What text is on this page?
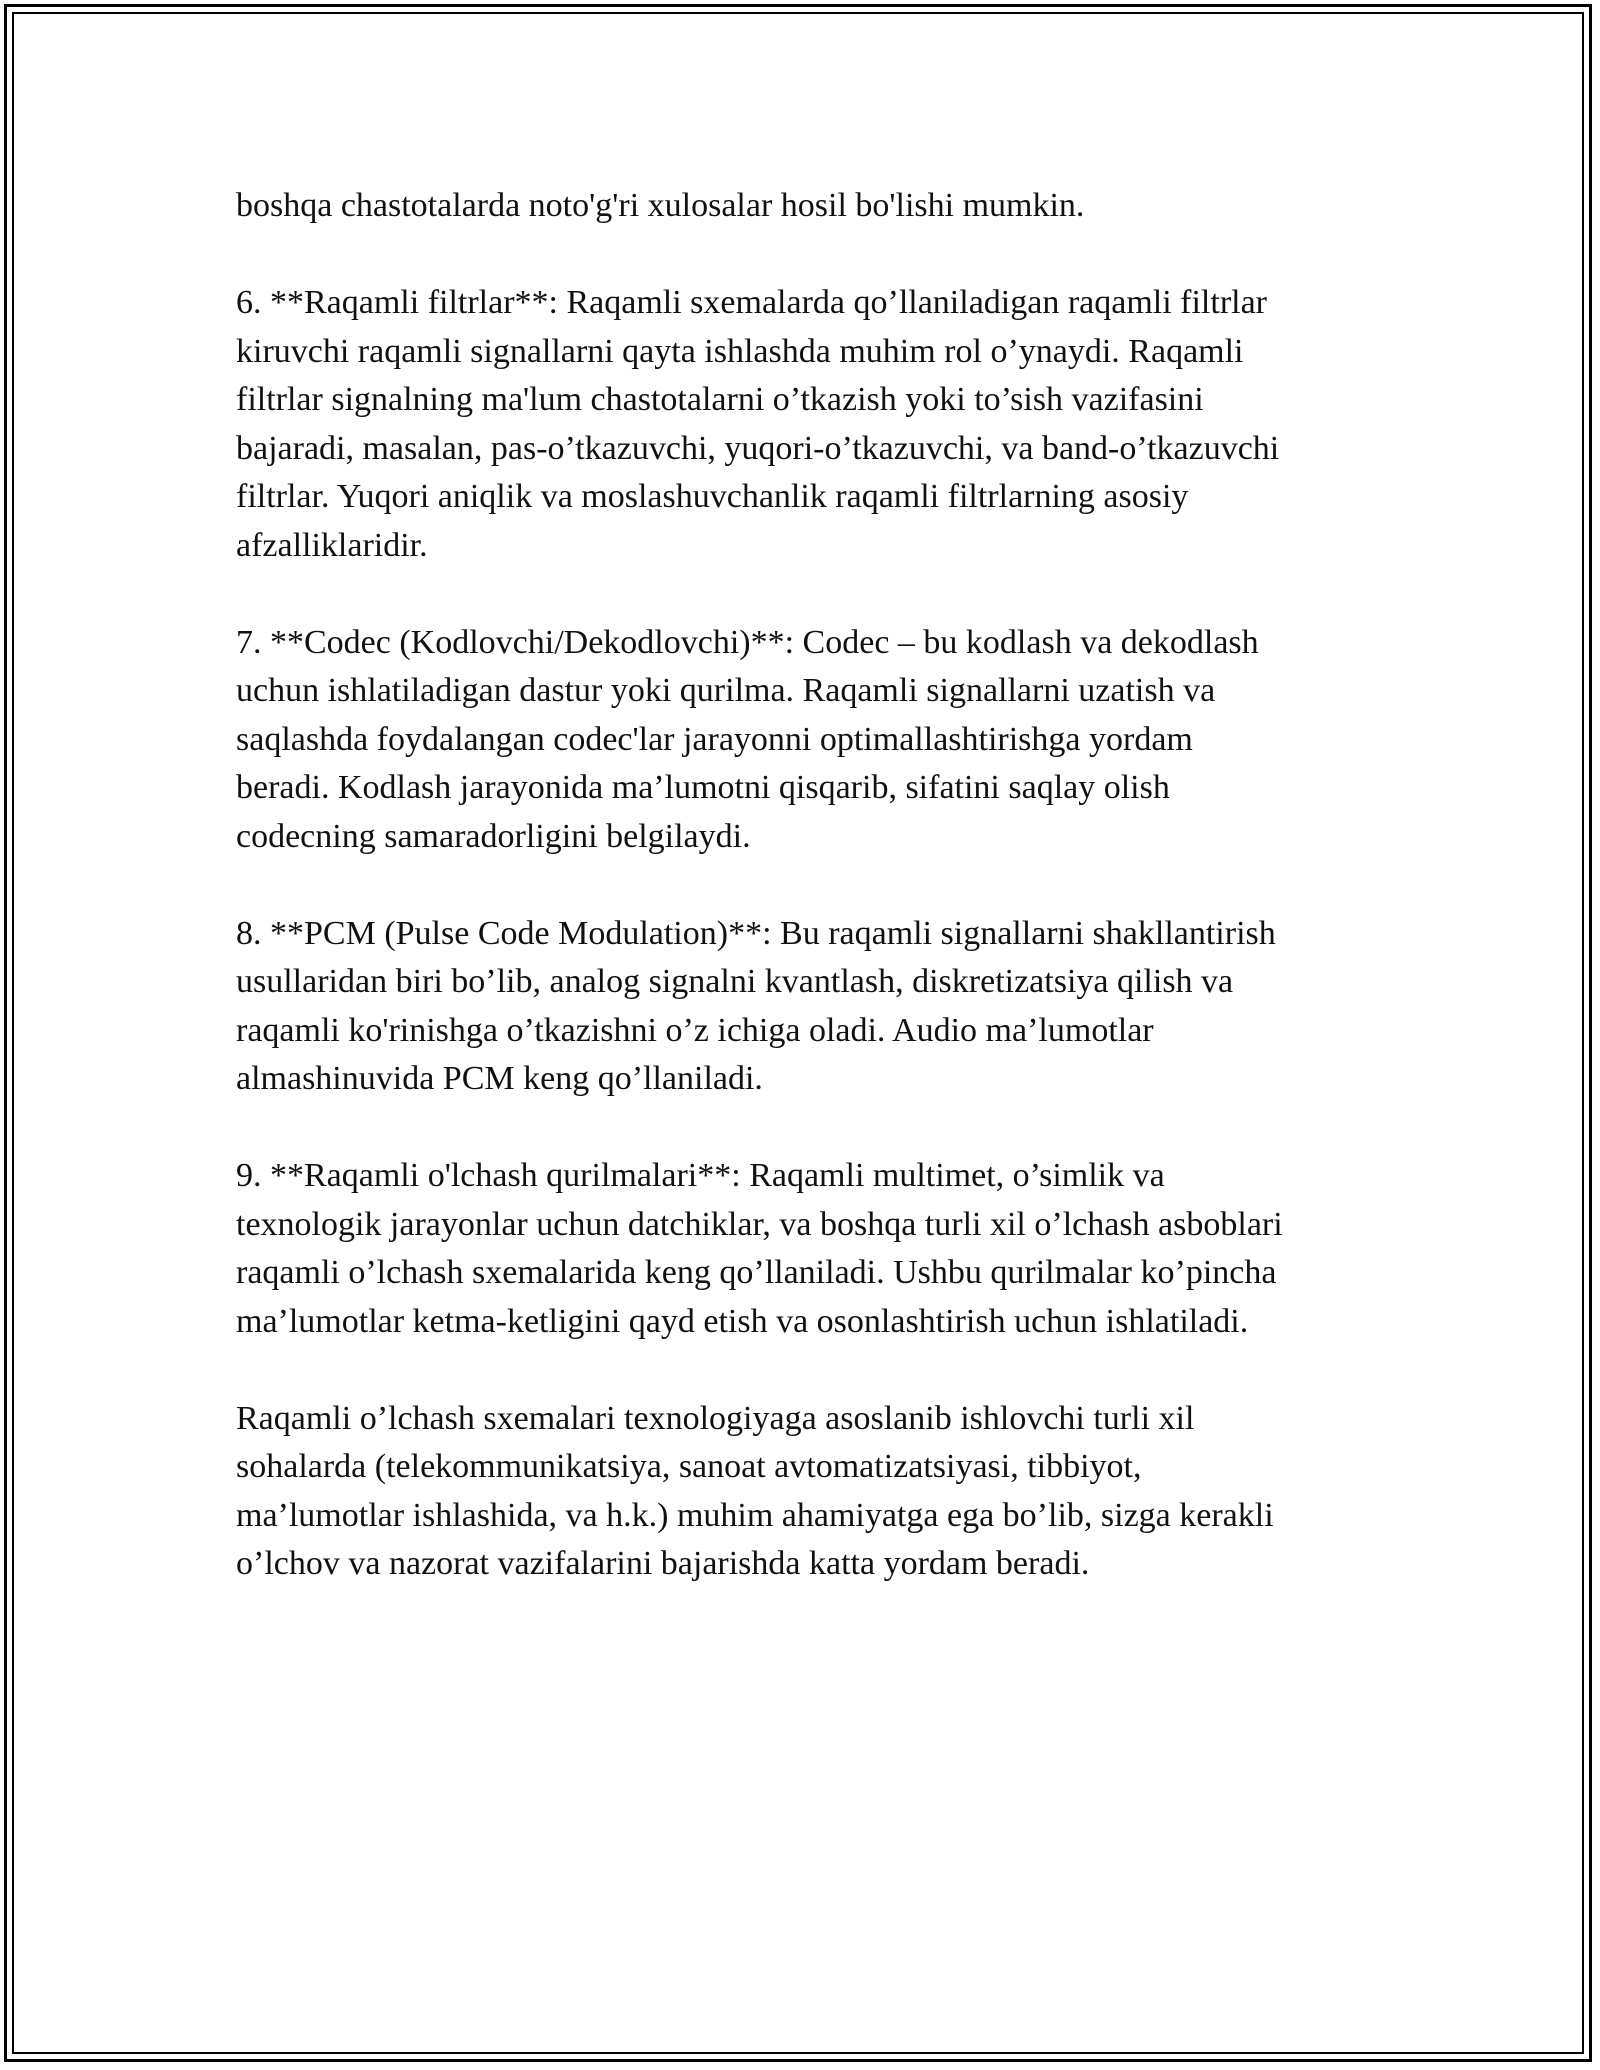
boshqa chastotalarda noto'g'ri xulosalar hosil bo'lishi mumkin.

6. **Raqamli filtrlar**: Raqamli sxemalarda qo’llaniladigan raqamli filtrlar
kiruvchi raqamli signallarni qayta ishlashda muhim rol o’ynaydi. Raqamli
filtrlar signalning ma'lum chastotalarni o’tkazish yoki to’sish vazifasini
bajaradi, masalan, pas-o’tkazuvchi, yuqori-o’tkazuvchi, va band-o’tkazuvchi
filtrlar. Yuqori aniqlik va moslashuvchanlik raqamli filtrlarning asosiy
afzalliklaridir.

7. **Codec (Kodlovchi/Dekodlovchi)**: Codec – bu kodlash va dekodlash
uchun ishlatiladigan dastur yoki qurilma. Raqamli signallarni uzatish va
saqlashda foydalangan codec'lar jarayonni optimallashtirishga yordam
beradi. Kodlash jarayonida ma’lumotni qisqarib, sifatini saqlay olish
codecning samaradorligini belgilaydi.

8. **PCM (Pulse Code Modulation)**: Bu raqamli signallarni shakllantirish
usullaridan biri bo’lib, analog signalni kvantlash, diskretizatsiya qilish va
raqamli ko'rinishga o’tkazishni o’z ichiga oladi. Audio ma’lumotlar
almashinuvida PCM keng qo’llaniladi.

9. **Raqamli o'lchash qurilmalari**: Raqamli multimet, o’simlik va
texnologik jarayonlar uchun datchiklar, va boshqa turli xil o’lchash asboblari
raqamli o’lchash sxemalarida keng qo’llaniladi. Ushbu qurilmalar ko’pincha
ma’lumotlar ketma-ketligini qayd etish va osonlashtirish uchun ishlatiladi.

Raqamli o’lchash sxemalari texnologiyaga asoslanib ishlovchi turli xil
sohalarda (telekommunikatsiya, sanoat avtomatizatsiyasi, tibbiyot,
ma’lumotlar ishlashida, va h.k.) muhim ahamiyatga ega bo’lib, sizga kerakli
o’lchov va nazorat vazifalarini bajarishda katta yordam beradi.
